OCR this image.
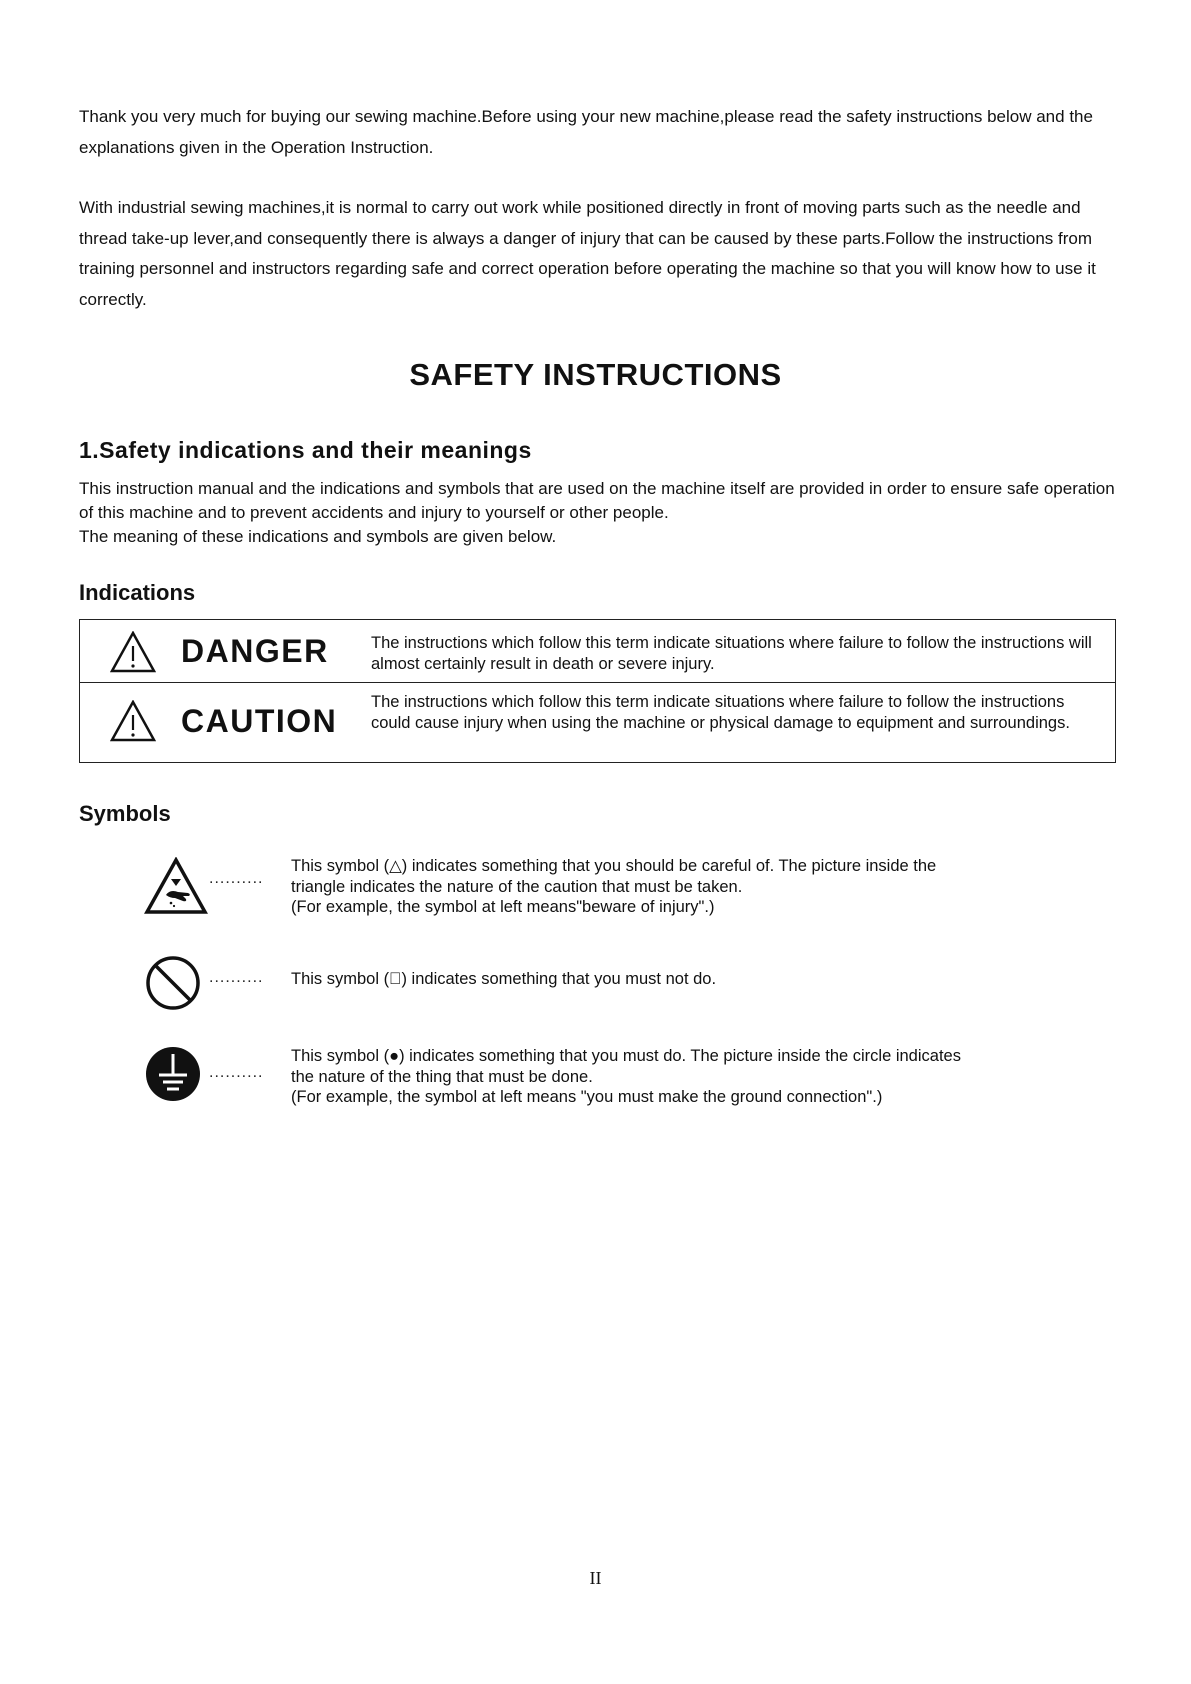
Thank you very much for buying our sewing machine.Before using your new machine,please read the safety instructions below and the explanations given in the Operation Instruction.

With industrial sewing machines,it is normal to carry out work while positioned directly in front of moving parts such as the needle and thread take-up lever,and consequently there is always a danger of injury that can be caused by these parts.Follow the instructions from training personnel and instructors regarding safe and correct operation before operating the machine so that you will know how to use it correctly.

SAFETY INSTRUCTIONS
1.Safety indications and their meanings
This instruction manual and the indications and symbols that are used on the machine itself are provided in order to ensure safe operation of this machine and to prevent accidents and injury to yourself or other people.
The meaning of these indications and symbols are given below.
Indications
DANGER	The instructions which follow this term indicate situations where failure to follow the instructions will almost certainly result in death or severe injury.
CAUTION
The instructions which follow this term indicate situations where failure to follow the instructions could cause injury when using the machine or physical damage to equipment and surroundings.
Symbols
..........
This symbol (△) indicates something that you should be careful of. The picture inside the
triangle indicates the nature of the caution that must be taken.
(For example, the symbol at left means"beware of injury".)
.......... This symbol (⃠) indicates something that you must not do.
..........
This symbol (●) indicates something that you must do. The picture inside the circle indicates
the nature of the thing that must be done.
(For example, the symbol at left means "you must make the ground connection".)
II
